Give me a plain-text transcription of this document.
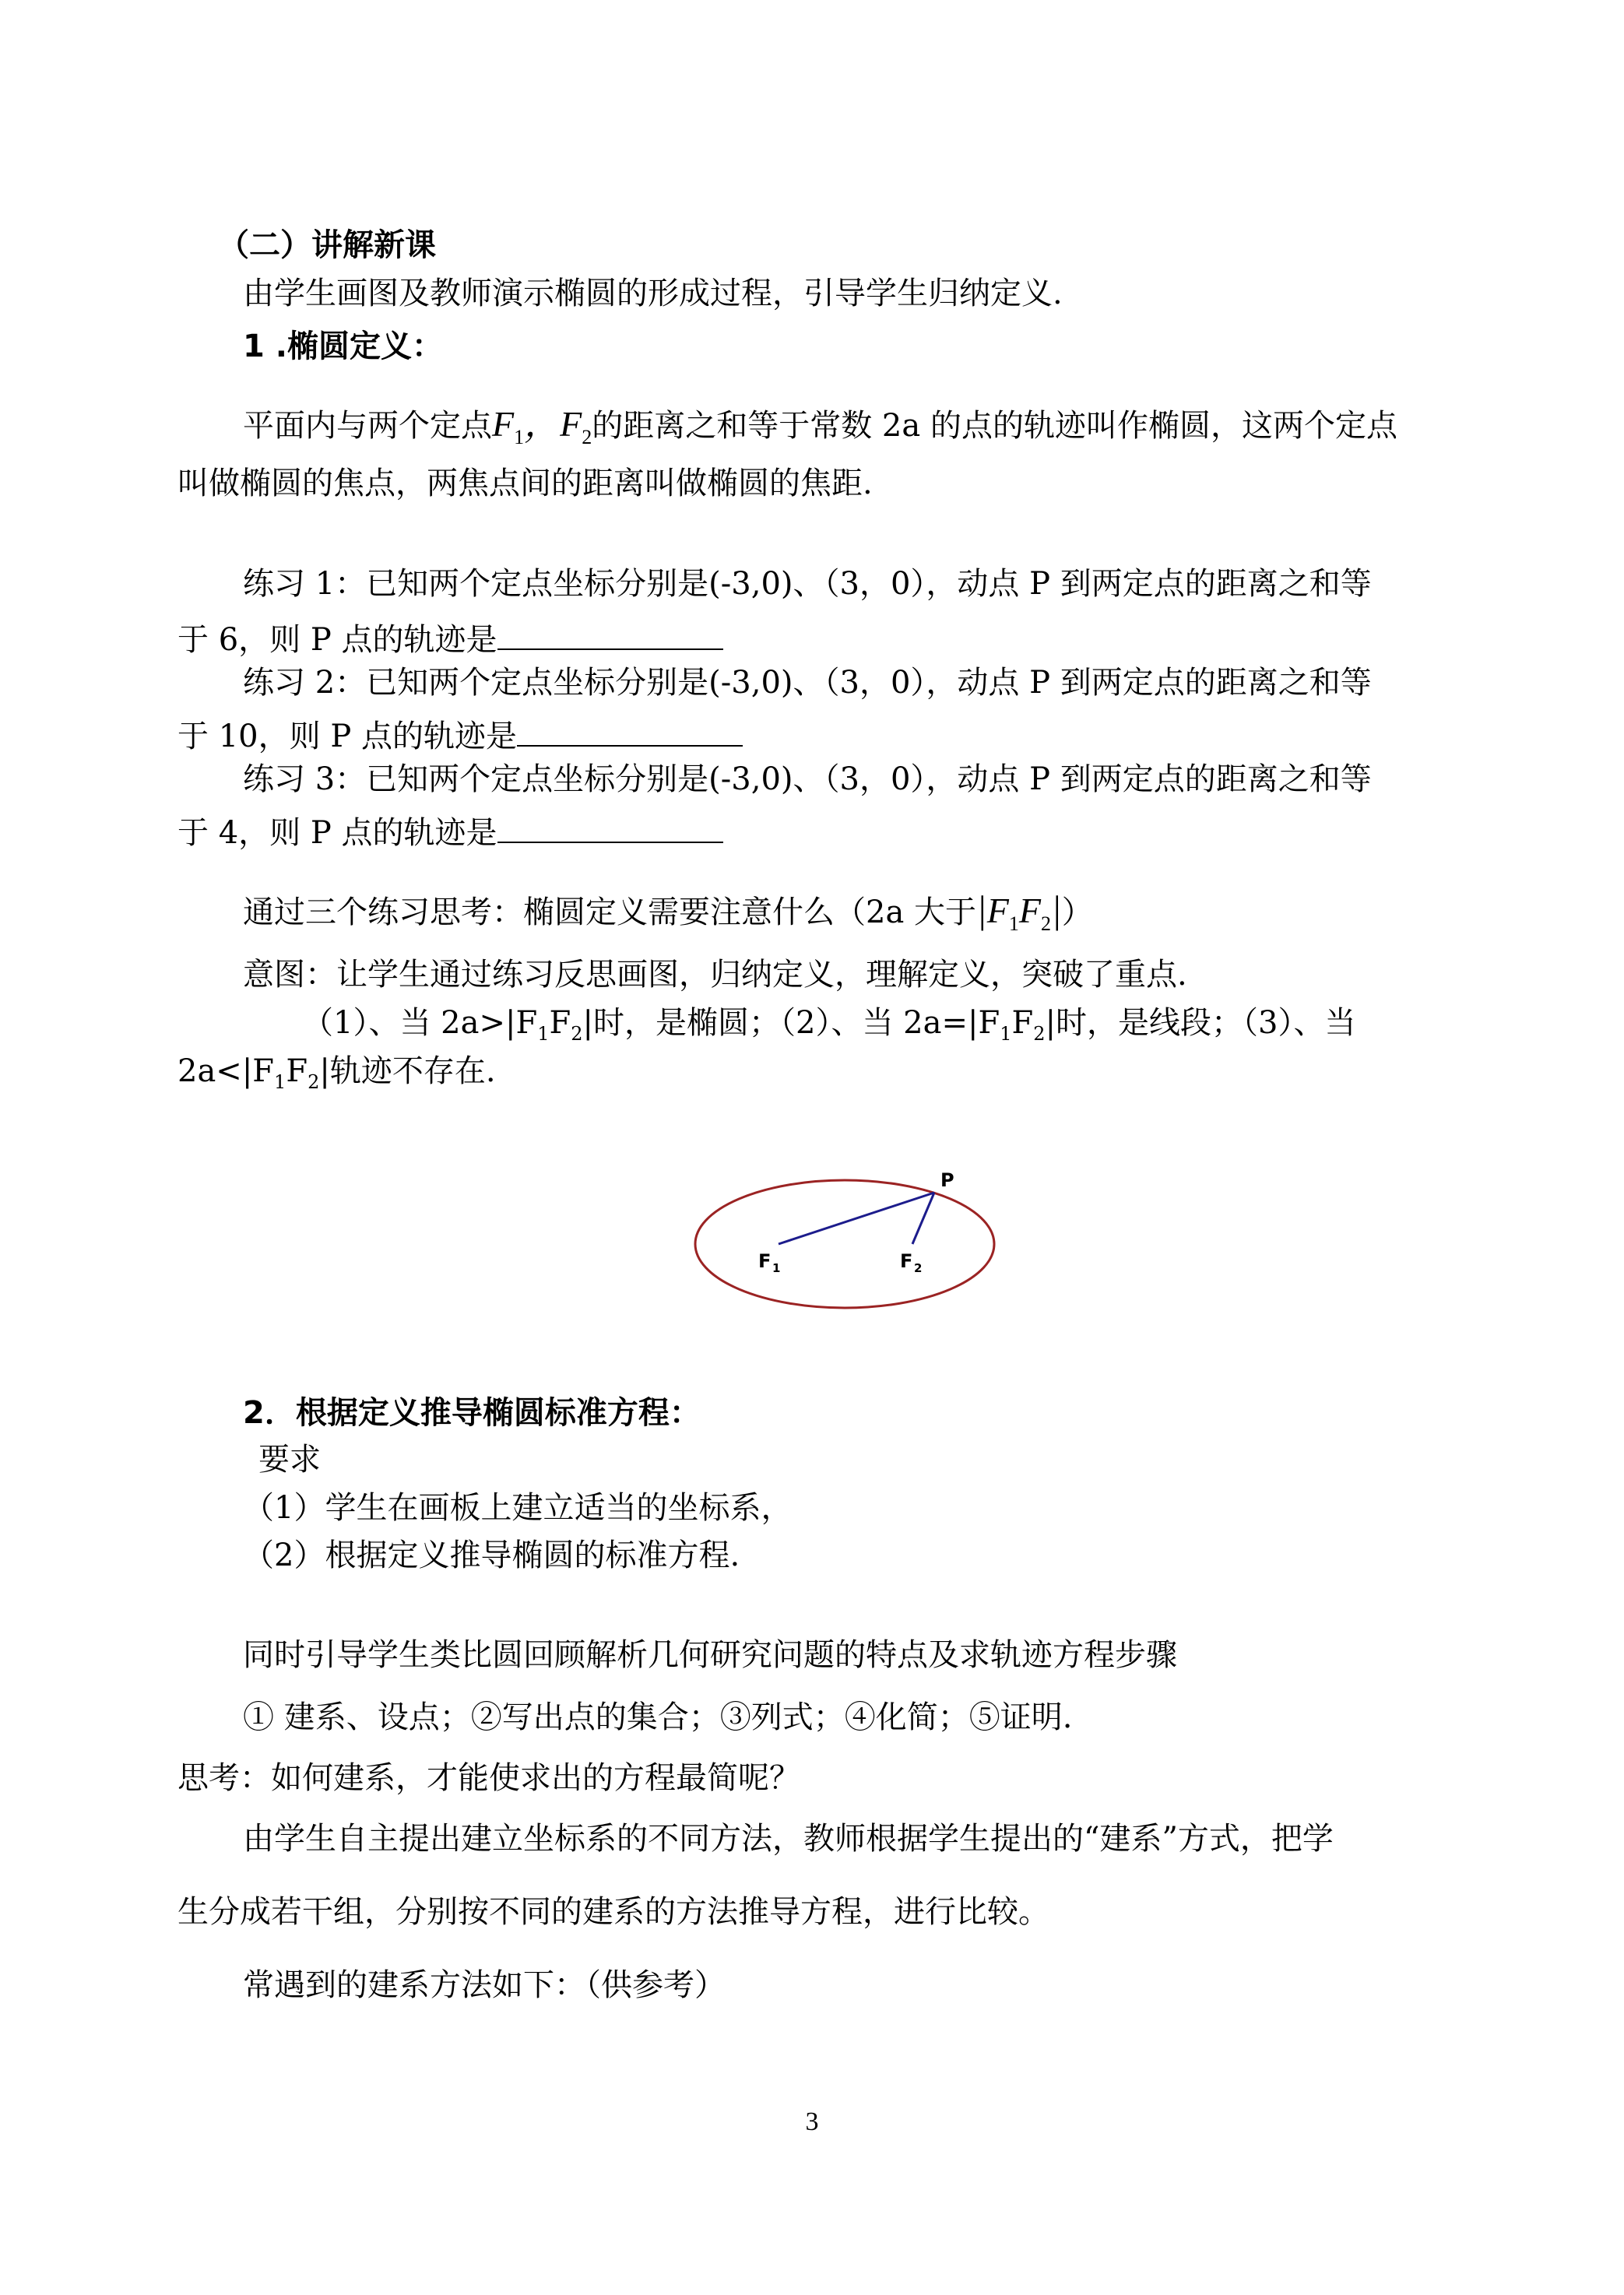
（二）讲解新课
由学生画图及教师演示椭圆的形成过程，引导学生归纳定义.
1 .椭圆定义：
平面内与两个定点$F_1$，$F_2$的距离之和等于常数 2a 的点的轨迹叫作椭圆，这两个定点
叫做椭圆的焦点，两焦点间的距离叫做椭圆的焦距.
练习 1：已知两个定点坐标分别是(-3,0)、（3，0），动点 P 到两定点的距离之和等
于 6，则 P 点的轨迹是
练习 2：已知两个定点坐标分别是(-3,0)、（3，0），动点 P 到两定点的距离之和等
于 10，则 P 点的轨迹是
练习 3：已知两个定点坐标分别是(-3,0)、（3，0），动点 P 到两定点的距离之和等
于 4，则 P 点的轨迹是
通过三个练习思考：椭圆定义需要注意什么（2a 大于$|F_1F_2|$）
意图：让学生通过练习反思画图，归纳定义，理解定义，突破了重点.
（1）、当 $2a>|F_1F_2|$时，是椭圆；（2）、当 $2a=|F_1F_2|$时，是线段；（3）、当
$2a<|F_1F_2|$轨迹不存在.
P
F 1	F 2
2．根据定义推导椭圆标准方程：
要求
（1）学生在画板上建立适当的坐标系，
（2）根据定义推导椭圆的标准方程.
同时引导学生类比圆回顾解析几何研究问题的特点及求轨迹方程步骤
① 建系、设点；②写出点的集合；③列式；④化简；⑤证明.
思考：如何建系，才能使求出的方程最简呢？
由学生自主提出建立坐标系的不同方法，教师根据学生提出的“建系”方式，把学
生分成若干组，分别按不同的建系的方法推导方程，进行比较。
常遇到的建系方法如下：（供参考）
3
